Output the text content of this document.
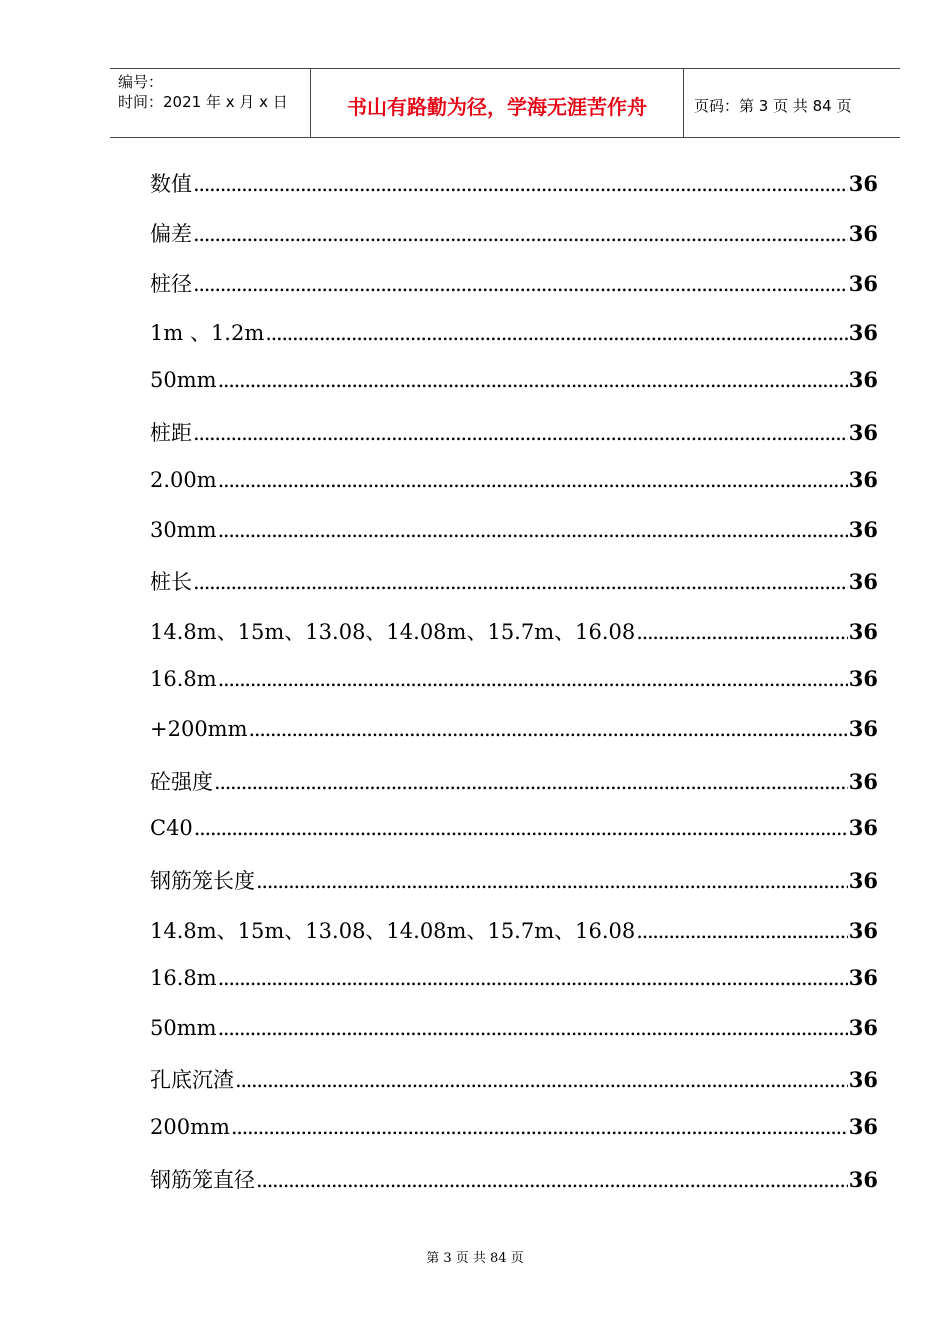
编号：
时间：2021 年 x 月 x 日	书山有路勤为径，学海无涯苦作舟	页码：第 3 页 共 84 页
数值 . . .	36
偏差 . . .	36
桩径 . . .	36
1m 、1.2m . . .	36
50mm . . .	36
桩距 . . .	36
2.00m . . .	36
30mm . . .	36
桩长 . . .	36
14.8m、15m、13.08、14.08m、15.7m、16.08 . . .	36
16.8m . . .	36
+200mm . . .	36
砼强度 . . .	36
C40 . . .	36
钢筋笼长度 . . .	36
14.8m、15m、13.08、14.08m、15.7m、16.08 . . .	36
16.8m . . .	36
50mm . . .	36
孔底沉渣 . . .	36
200mm . . .	36
钢筋笼直径 . . .	36
第 3 页 共 84 页
